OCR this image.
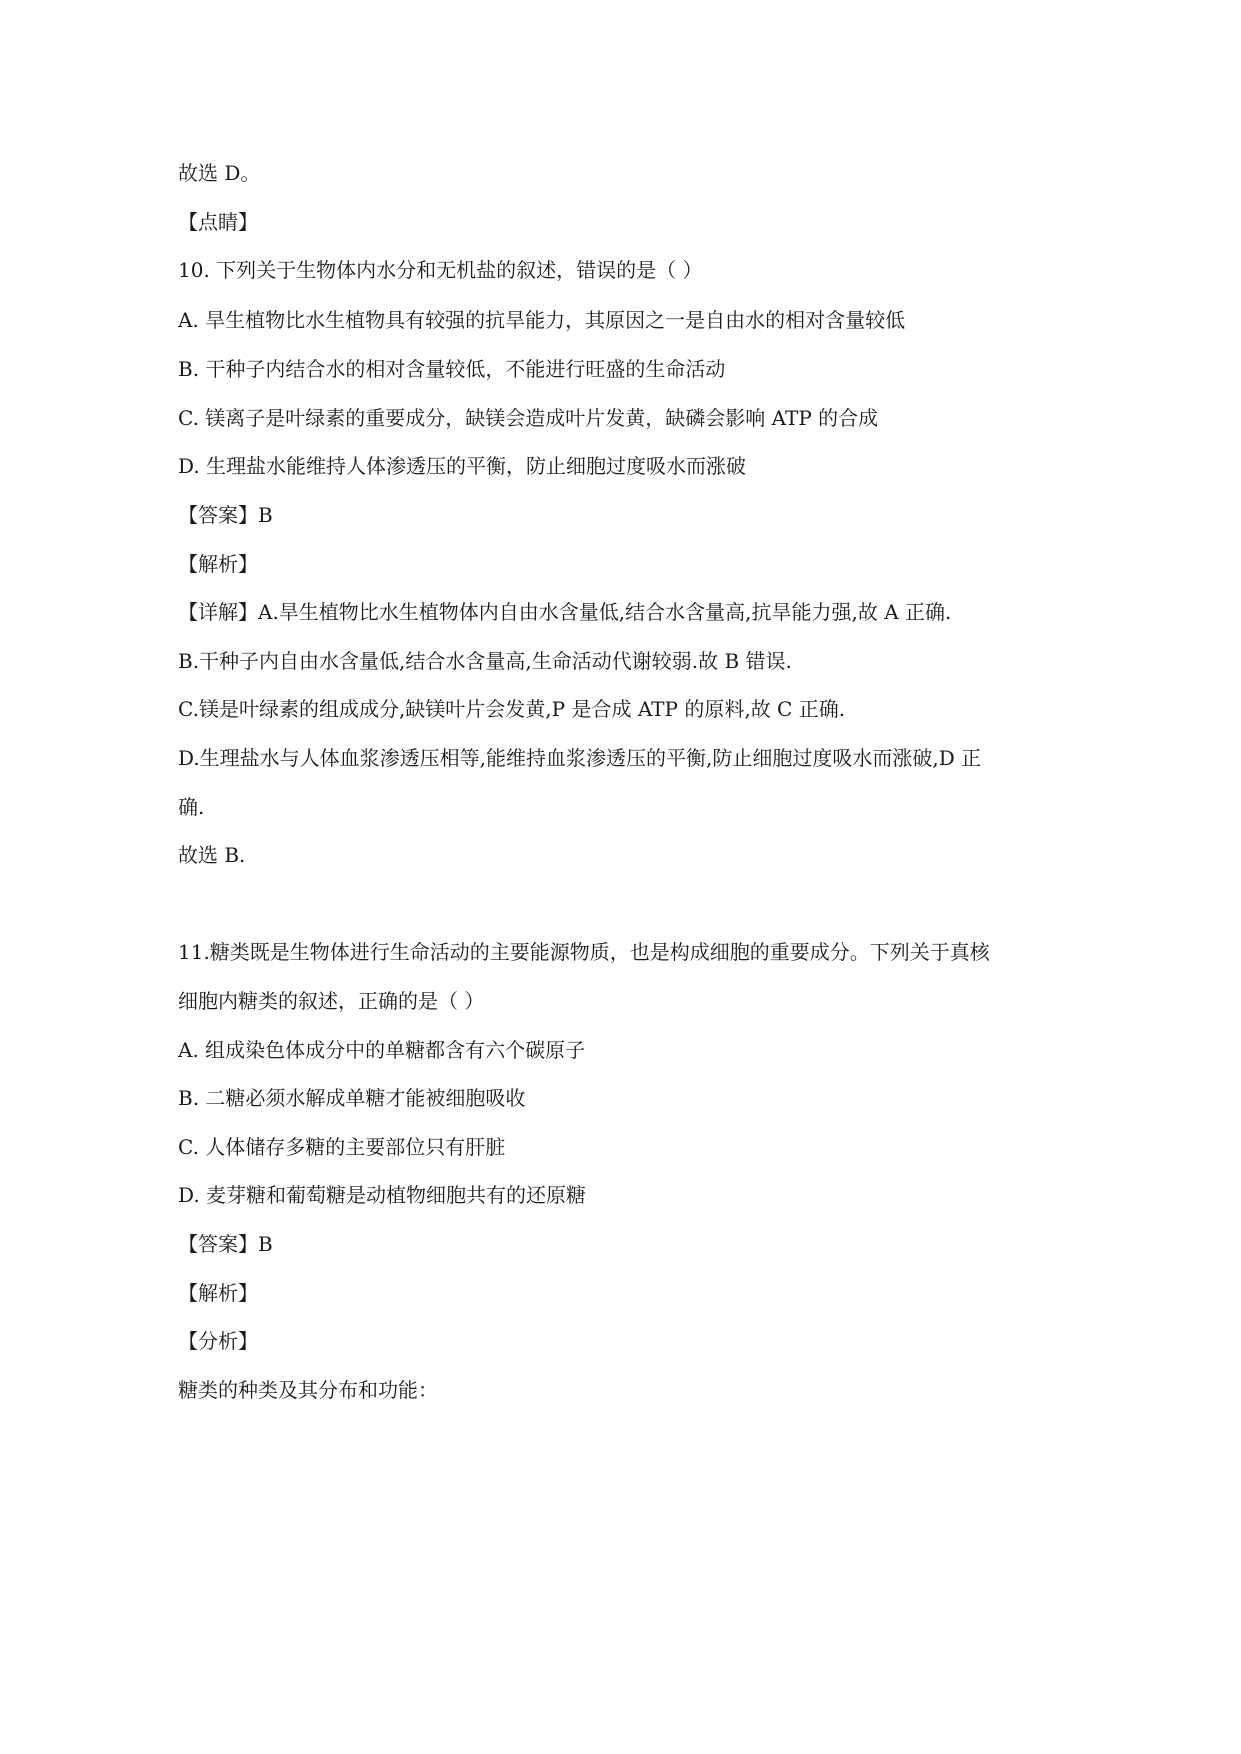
故选 D。
【点睛】
10. 下列关于生物体内水分和无机盐的叙述，错误的是（ ）
A. 旱生植物比水生植物具有较强的抗旱能力，其原因之一是自由水的相对含量较低
B. 干种子内结合水的相对含量较低，不能进行旺盛的生命活动
C. 镁离子是叶绿素的重要成分，缺镁会造成叶片发黄，缺磷会影响 ATP 的合成
D. 生理盐水能维持人体渗透压的平衡，防止细胞过度吸水而涨破
【答案】B
【解析】
【详解】A.旱生植物比水生植物体内自由水含量低,结合水含量高,抗旱能力强,故 A 正确.
B.干种子内自由水含量低,结合水含量高,生命活动代谢较弱.故 B 错误.
C.镁是叶绿素的组成成分,缺镁叶片会发黄,P 是合成 ATP 的原料,故 C 正确.
D.生理盐水与人体血浆渗透压相等,能维持血浆渗透压的平衡,防止细胞过度吸水而涨破,D 正
确.
故选 B.
11.糖类既是生物体进行生命活动的主要能源物质，也是构成细胞的重要成分。下列关于真核
细胞内糖类的叙述，正确的是（ ）
A. 组成染色体成分中的单糖都含有六个碳原子
B. 二糖必须水解成单糖才能被细胞吸收
C. 人体储存多糖的主要部位只有肝脏
D. 麦芽糖和葡萄糖是动植物细胞共有的还原糖
【答案】B
【解析】
【分析】
糖类的种类及其分布和功能：
